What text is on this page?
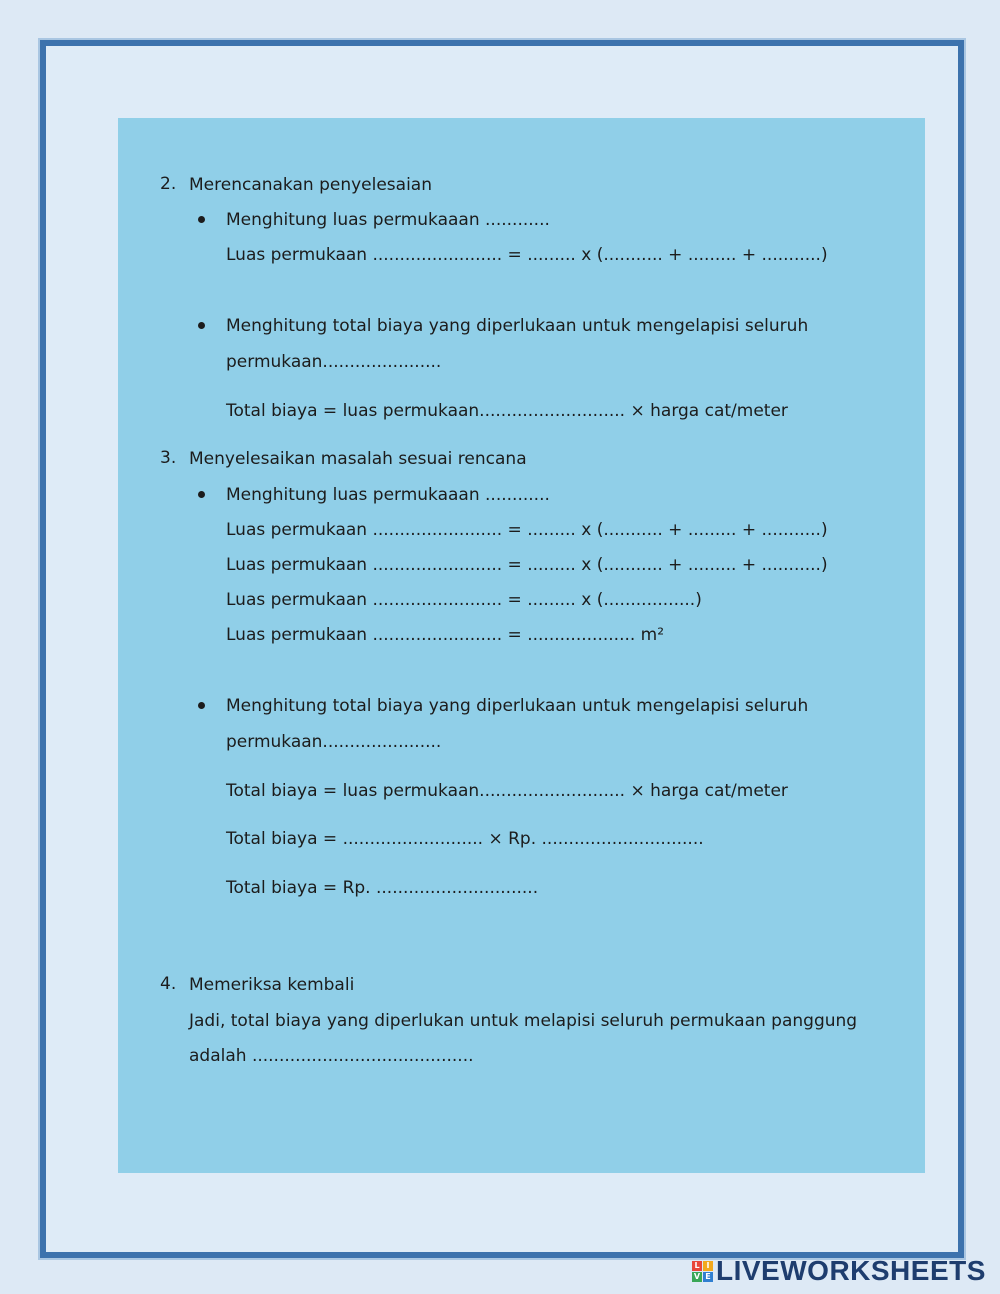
2. Merencanakan penyelesaian
Menghitung luas permukaaan ............
Luas permukaan ........................ = ......... x (........... + ......... + ...........)
Menghitung total biaya yang diperlukaan untuk mengelapisi seluruh
permukaan......................
Total biaya = luas permukaan........................... × harga cat/meter
3. Menyelesaikan masalah sesuai rencana
Menghitung luas permukaaan ............
Luas permukaan ........................ = ......... x (........... + ......... + ...........)
Luas permukaan ........................ = ......... x (........... + ......... + ...........)
Luas permukaan ........................ = ......... x (.................)
Luas permukaan ........................ = .................... m²
Menghitung total biaya yang diperlukaan untuk mengelapisi seluruh
permukaan......................
Total biaya = luas permukaan........................... × harga cat/meter
Total biaya = .......................... × Rp. ..............................
Total biaya = Rp. ..............................
4. Memeriksa kembali
Jadi, total biaya yang diperlukan untuk melapisi seluruh permukaan panggung
adalah .........................................
L I
V E LIVEWORKSHEETS
